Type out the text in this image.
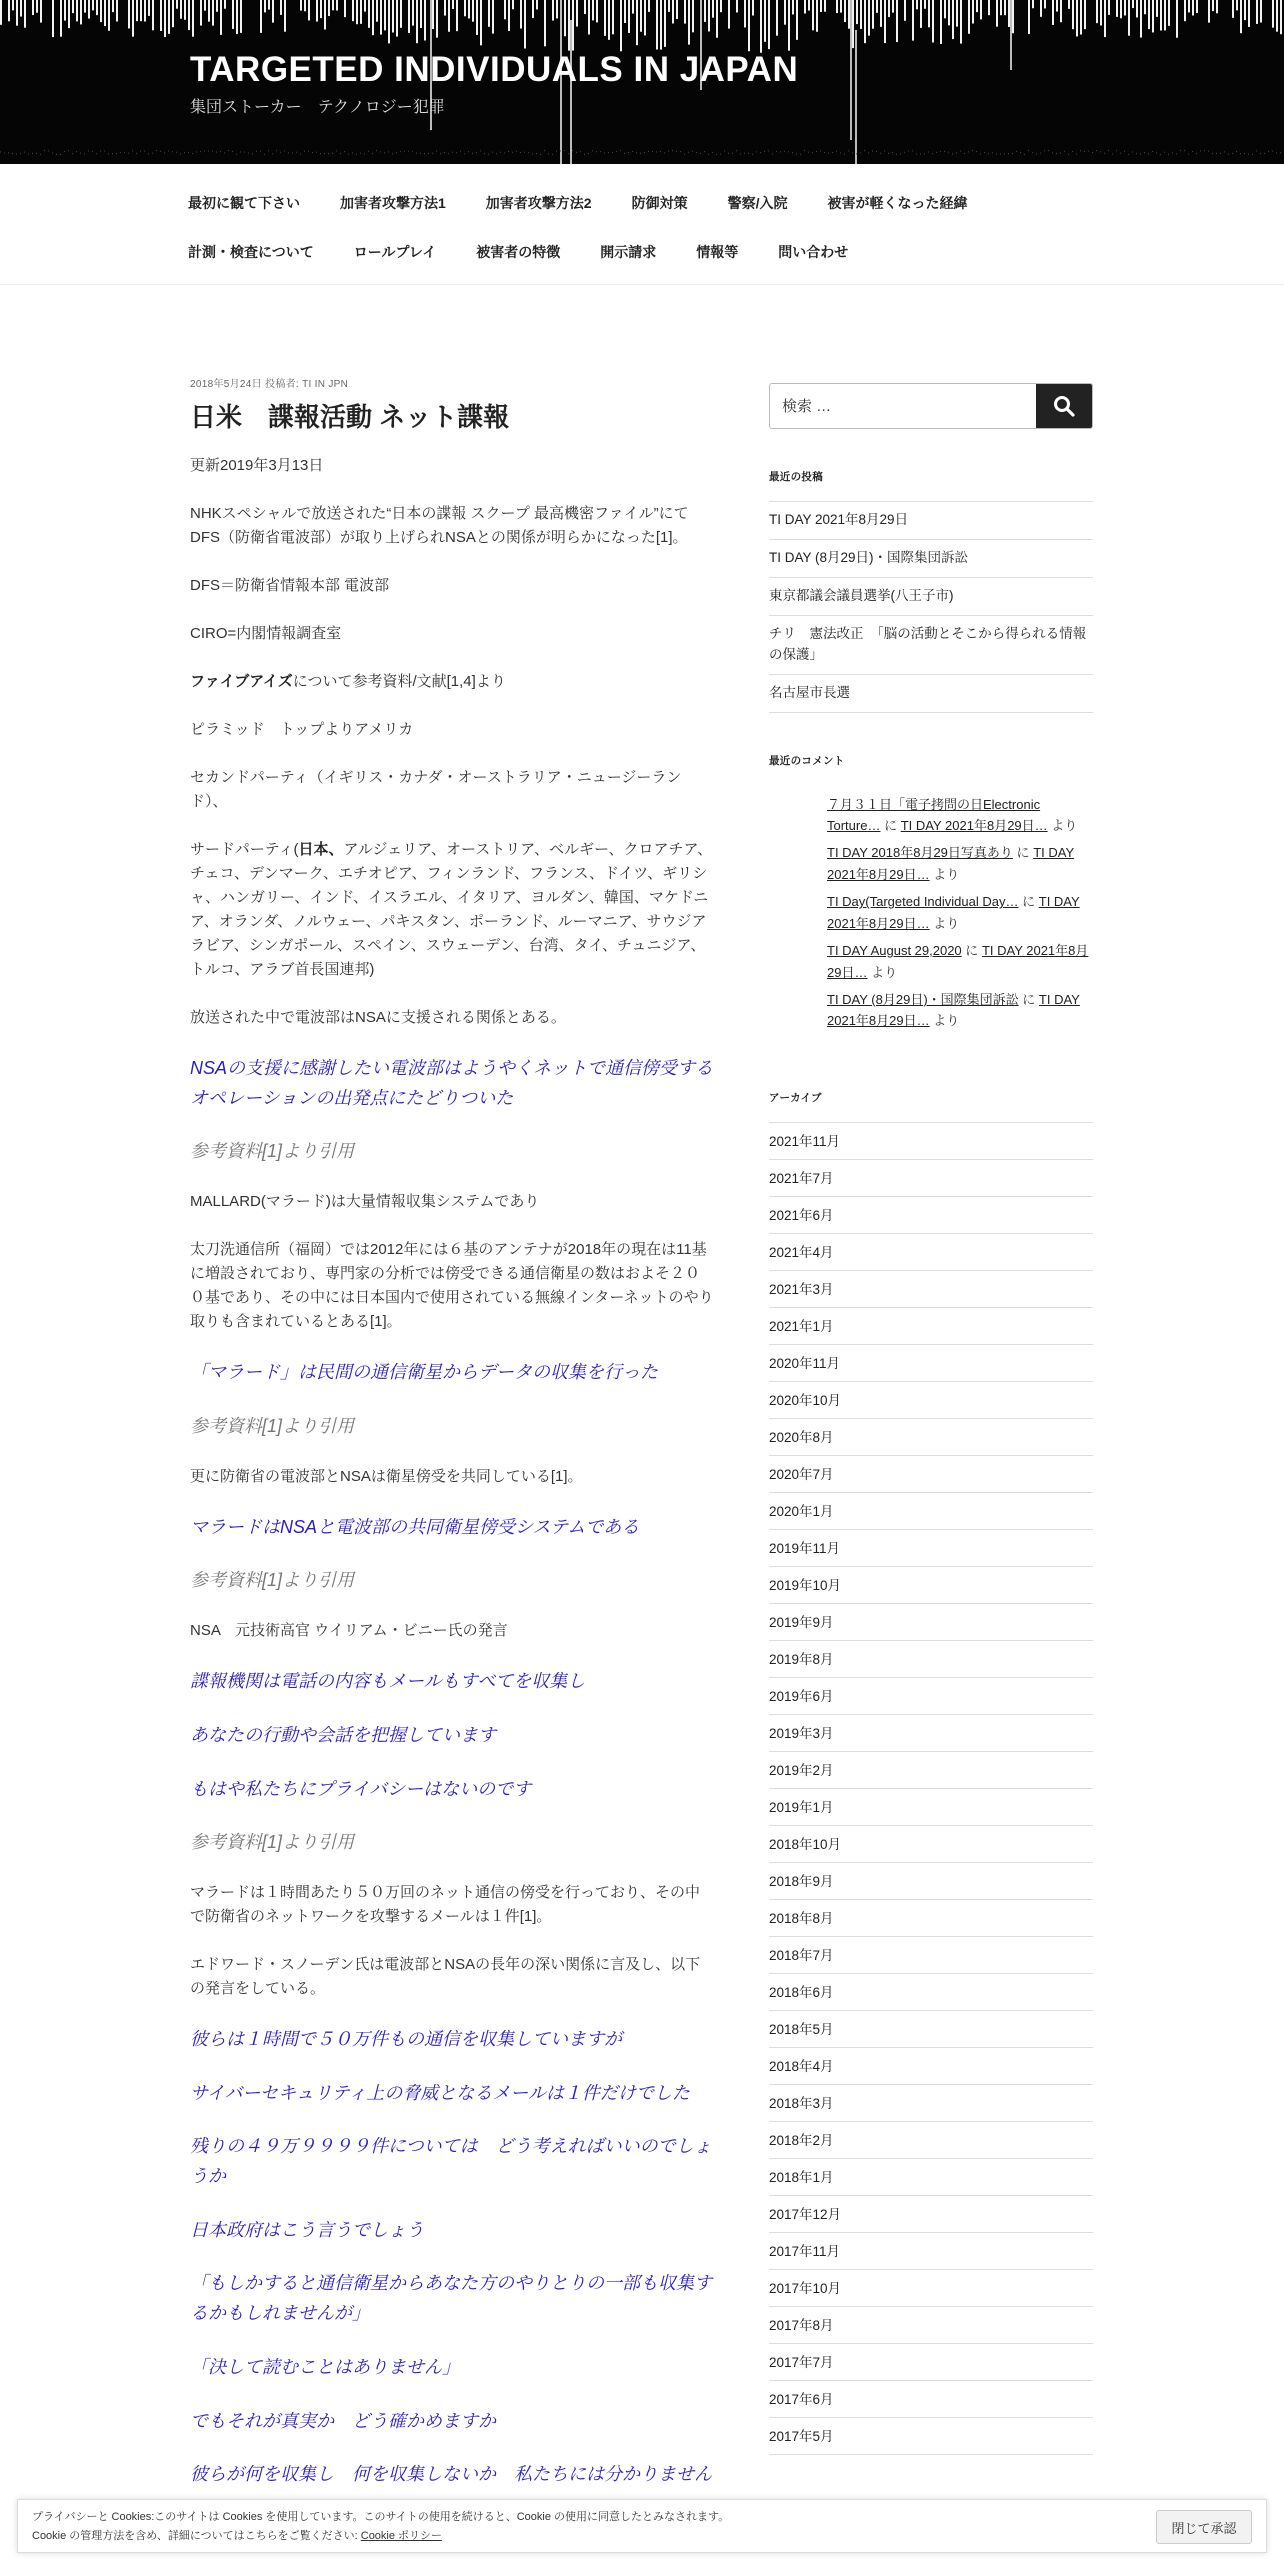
TARGETED INDIVIDUALS IN JAPAN
集団ストーカー　テクノロジー犯罪
最初に観て下さい	加害者攻撃方法1	加害者攻撃方法2	防御対策	警察/入院	被害が軽くなった経緯
計測・検査について	ロールプレイ	被害者の特徴	開示請求	情報等	問い合わせ
2018年5月24日 投稿者: TI IN JPN
日米　諜報活動 ネット諜報

更新2019年3月13日

NHKスペシャルで放送された“日本の諜報 スクープ 最高機密ファイル”にてDFS（防衛省電波部）が取り上げられNSAとの関係が明らかになった[1]。

DFS＝防衛省情報本部 電波部

CIRO=内閣情報調査室

ファイブアイズについて参考資料/文献[1,4]より

ピラミッド　トップよりアメリカ

セカンドパーティ（イギリス・カナダ・オーストラリア・ニュージーランド）、

サードパーティ(日本、アルジェリア、オーストリア、ベルギー、クロアチア、チェコ、デンマーク、エチオピア、フィンランド、フランス、ドイツ、ギリシャ、ハンガリー、インド、イスラエル、イタリア、ヨルダン、韓国、マケドニア、オランダ、ノルウェー、パキスタン、ポーランド、ルーマニア、サウジアラビア、シンガポール、スペイン、スウェーデン、台湾、タイ、チュニジア、トルコ、アラブ首長国連邦)

放送された中で電波部はNSAに支援される関係とある。

NSAの支援に感謝したい電波部はようやくネットで通信傍受するオペレーションの出発点にたどりついた

参考資料[1]より引用

MALLARD(マラード)は大量情報収集システムであり

太刀洗通信所（福岡）では2012年には６基のアンテナが2018年の現在は11基に増設されており、専門家の分析では傍受できる通信衛星の数はおよそ２００基であり、その中には日本国内で使用されている無線インターネットのやり取りも含まれているとある[1]。

「マラード」は民間の通信衛星からデータの収集を行った

参考資料[1]より引用

更に防衛省の電波部とNSAは衛星傍受を共同している[1]。

マラードはNSAと電波部の共同衛星傍受システムである

参考資料[1]より引用

NSA　元技術高官 ウイリアム・ビニー氏の発言

諜報機関は電話の内容もメールもすべてを収集し

あなたの行動や会話を把握しています

もはや私たちにプライバシーはないのです

参考資料[1]より引用

マラードは１時間あたり５０万回のネット通信の傍受を行っており、その中で防衛省のネットワークを攻撃するメールは１件[1]。

エドワード・スノーデン氏は電波部とNSAの長年の深い関係に言及し、以下の発言をしている。

彼らは１時間で５０万件もの通信を収集していますが

サイバーセキュリティ上の脅威となるメールは１件だけでした

残りの４９万９９９９件については　どう考えればいいのでしょうか

日本政府はこう言うでしょう

「もしかすると通信衛星からあなた方のやりとりの一部も収集するかもしれませんが」

「決して読むことはありません」

でもそれが真実か　どう確かめますか

彼らが何を収集し　何を収集しないか　私たちには分かりません

検索 …
最近の投稿
TI DAY 2021年8月29日
TI DAY (8月29日)・国際集団訴訟
東京都議会議員選挙(八王子市)
チリ　憲法改正　「脳の活動とそこから得られる情報の保護」
名古屋市長選
最近のコメント
７月３１日「電子拷問の日Electronic Torture… に TI DAY 2021年8月29日… より
TI DAY 2018年8月29日写真あり に TI DAY 2021年8月29日… より
TI Day(Targeted Individual Day… に TI DAY 2021年8月29日… より
TI DAY August 29,2020 に TI DAY 2021年8月29日… より
TI DAY (8月29日)・国際集団訴訟 に TI DAY 2021年8月29日… より
アーカイブ
2021年11月
2021年7月
2021年6月
2021年4月
2021年3月
2021年1月
2020年11月
2020年10月
2020年8月
2020年7月
2020年1月
2019年11月
2019年10月
2019年9月
2019年8月
2019年6月
2019年3月
2019年2月
2019年1月
2018年10月
2018年9月
2018年8月
2018年7月
2018年6月
2018年5月
2018年4月
2018年3月
2018年2月
2018年1月
2017年12月
2017年11月
2017年10月
2017年8月
2017年7月
2017年6月
2017年5月
プライバシーと Cookies:このサイトは Cookies を使用しています。このサイトの使用を続けると、Cookie の使用に同意したとみなされます。
Cookie の管理方法を含め、詳細についてはこちらをご覧ください: Cookie ポリシー
閉じて承認
